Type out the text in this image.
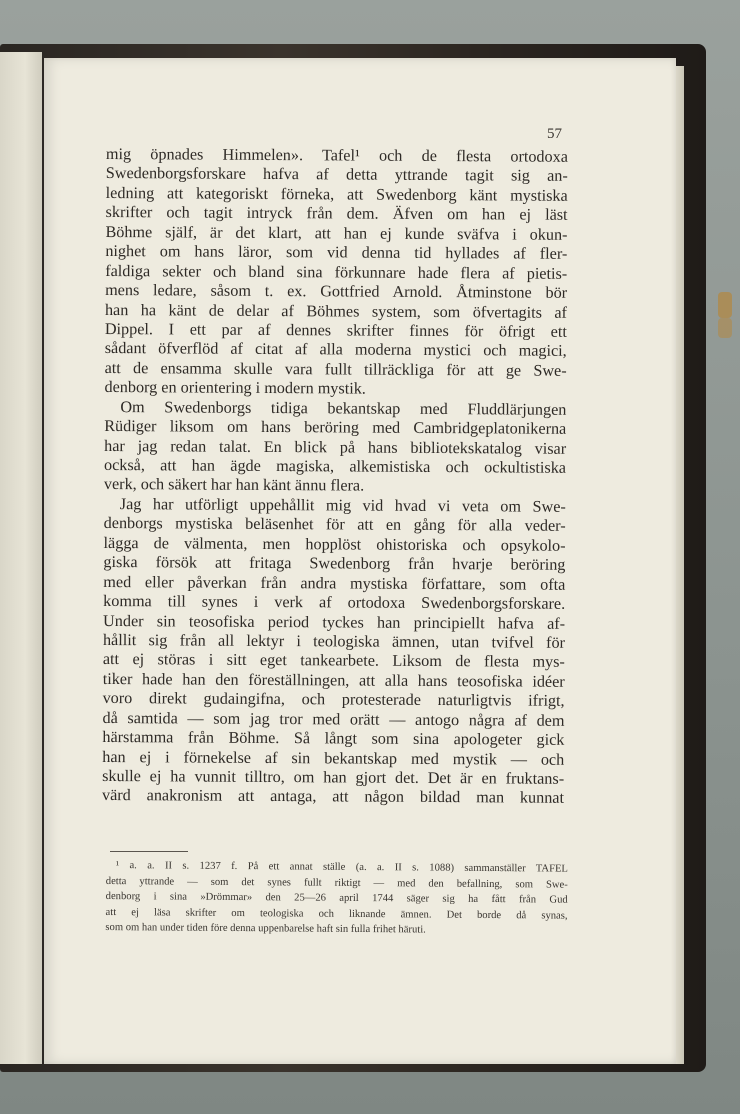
57
mig öpnades Himmelen». Tafel¹ och de flesta ortodoxa
Swedenborgsforskare hafva af detta yttrande tagit sig an-
ledning att kategoriskt förneka, att Swedenborg känt mystiska
skrifter och tagit intryck från dem. Äfven om han ej läst
Böhme själf, är det klart, att han ej kunde sväfva i okun-
nighet om hans läror, som vid denna tid hyllades af fler-
faldiga sekter och bland sina förkunnare hade flera af pietis-
mens ledare, såsom t. ex. Gottfried Arnold. Åtminstone bör
han ha känt de delar af Böhmes system, som öfvertagits af
Dippel. I ett par af dennes skrifter finnes för öfrigt ett
sådant öfverflöd af citat af alla moderna mystici och magici,
att de ensamma skulle vara fullt tillräckliga för att ge Swe-
denborg en orientering i modern mystik.
Om Swedenborgs tidiga bekantskap med Fluddlärjungen
Rüdiger liksom om hans beröring med Cambridgeplatonikerna
har jag redan talat. En blick på hans bibliotekskatalog visar
också, att han ägde magiska, alkemistiska och ockultistiska
verk, och säkert har han känt ännu flera.
Jag har utförligt uppehållit mig vid hvad vi veta om Swe-
denborgs mystiska beläsenhet för att en gång för alla veder-
lägga de välmenta, men hopplöst ohistoriska och opsykolo-
giska försök att fritaga Swedenborg från hvarje beröring
med eller påverkan från andra mystiska författare, som ofta
komma till synes i verk af ortodoxa Swedenborgsforskare.
Under sin teosofiska period tyckes han principiellt hafva af-
hållit sig från all lektyr i teologiska ämnen, utan tvifvel för
att ej störas i sitt eget tankearbete. Liksom de flesta mys-
tiker hade han den föreställningen, att alla hans teosofiska idéer
voro direkt gudaingifna, och protesterade naturligtvis ifrigt,
då samtida — som jag tror med orätt — antogo några af dem
härstamma från Böhme. Så långt som sina apologeter gick
han ej i förnekelse af sin bekantskap med mystik — och
skulle ej ha vunnit tilltro, om han gjort det. Det är en fruktans-
värd anakronism att antaga, att någon bildad man kunnat
¹ a. a. II s. 1237 f. På ett annat ställe (a. a. II s. 1088) sammanställer TAFEL
detta yttrande — som det synes fullt riktigt — med den befallning, som Swe-
denborg i sina »Drömmar» den 25—26 april 1744 säger sig ha fått från Gud
att ej läsa skrifter om teologiska och liknande ämnen. Det borde då synas,
som om han under tiden före denna uppenbarelse haft sin fulla frihet häruti.
